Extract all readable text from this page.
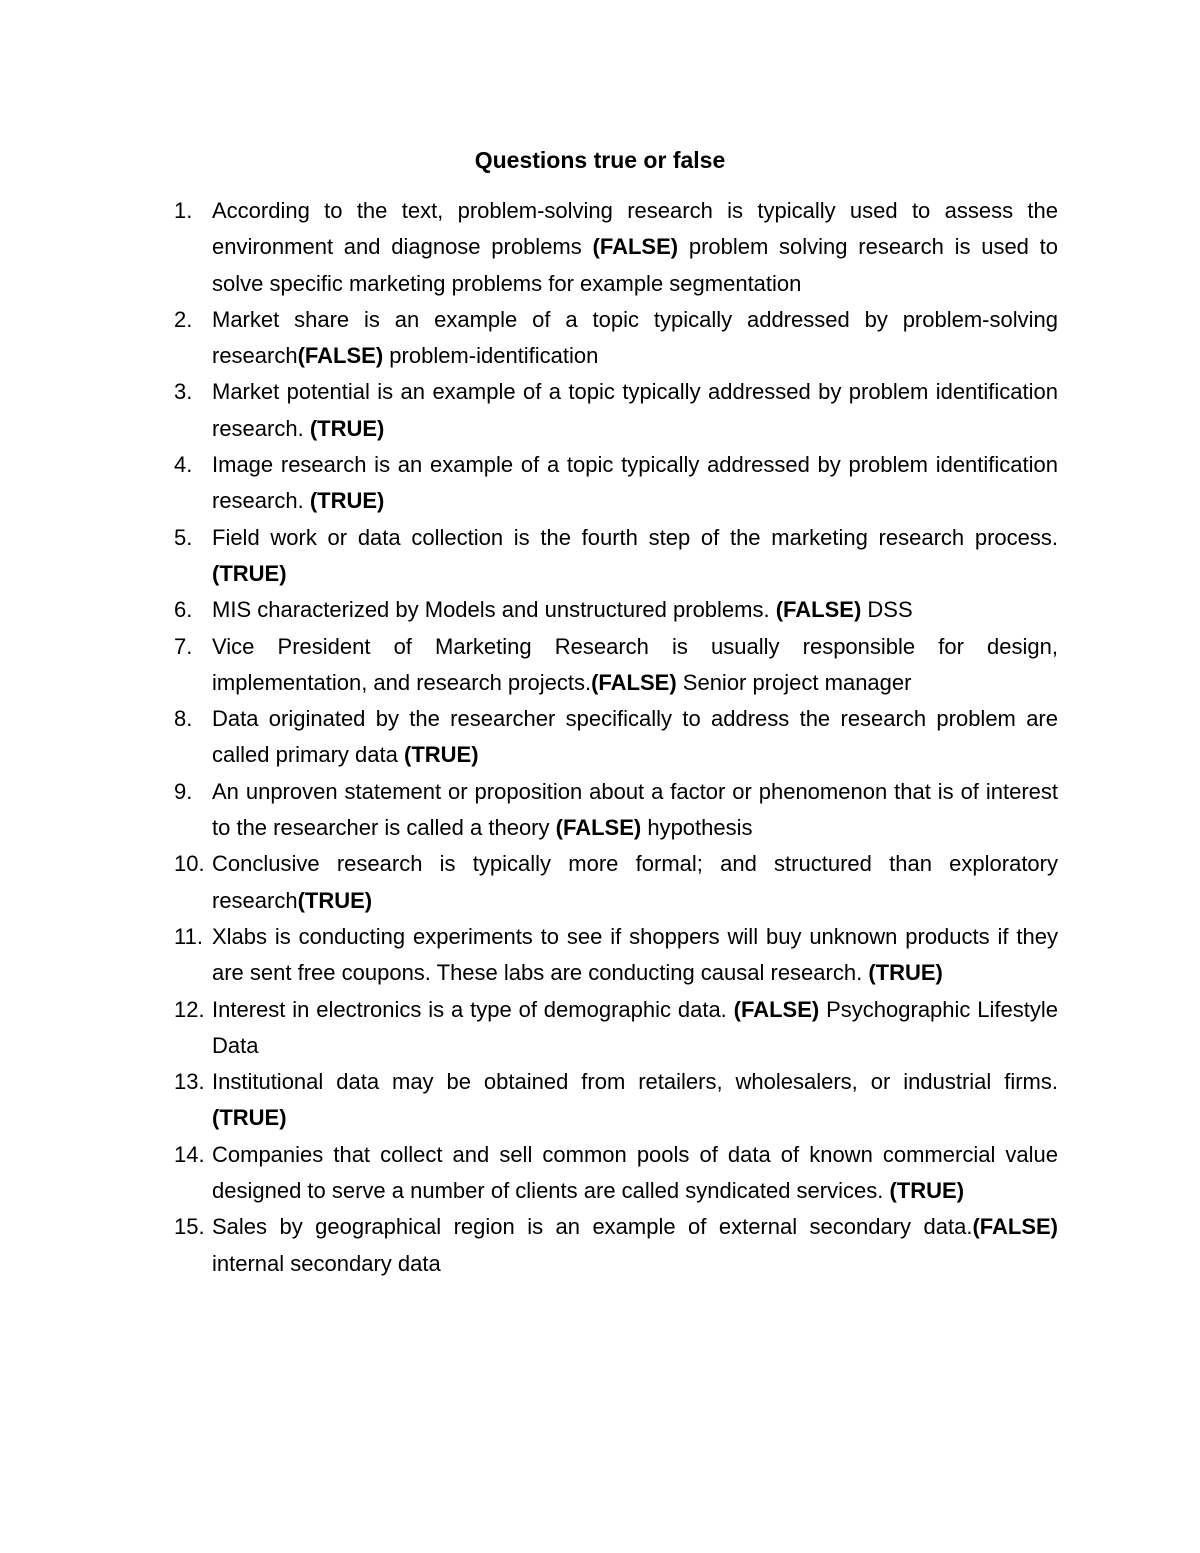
Questions true or false
1. According to the text, problem-solving research is typically used to assess the environment and diagnose problems (FALSE) problem solving research is used to solve specific marketing problems for example segmentation
2. Market share is an example of a topic typically addressed by problem-solving research(FALSE) problem-identification
3. Market potential is an example of a topic typically addressed by problem identification research. (TRUE)
4. Image research is an example of a topic typically addressed by problem identification research. (TRUE)
5. Field work or data collection is the fourth step of the marketing research process. (TRUE)
6. MIS characterized by Models and unstructured problems. (FALSE) DSS
7. Vice President of Marketing Research is usually responsible for design, implementation, and research projects.(FALSE) Senior project manager
8. Data originated by the researcher specifically to address the research problem are called primary data (TRUE)
9. An unproven statement or proposition about a factor or phenomenon that is of interest to the researcher is called a theory (FALSE) hypothesis
10. Conclusive research is typically more formal; and structured than exploratory research(TRUE)
11. Xlabs is conducting experiments to see if shoppers will buy unknown products if they are sent free coupons. These labs are conducting causal research. (TRUE)
12. Interest in electronics is a type of demographic data. (FALSE) Psychographic Lifestyle Data
13. Institutional data may be obtained from retailers, wholesalers, or industrial firms. (TRUE)
14. Companies that collect and sell common pools of data of known commercial value designed to serve a number of clients are called syndicated services. (TRUE)
15. Sales by geographical region is an example of external secondary data.(FALSE) internal secondary data
